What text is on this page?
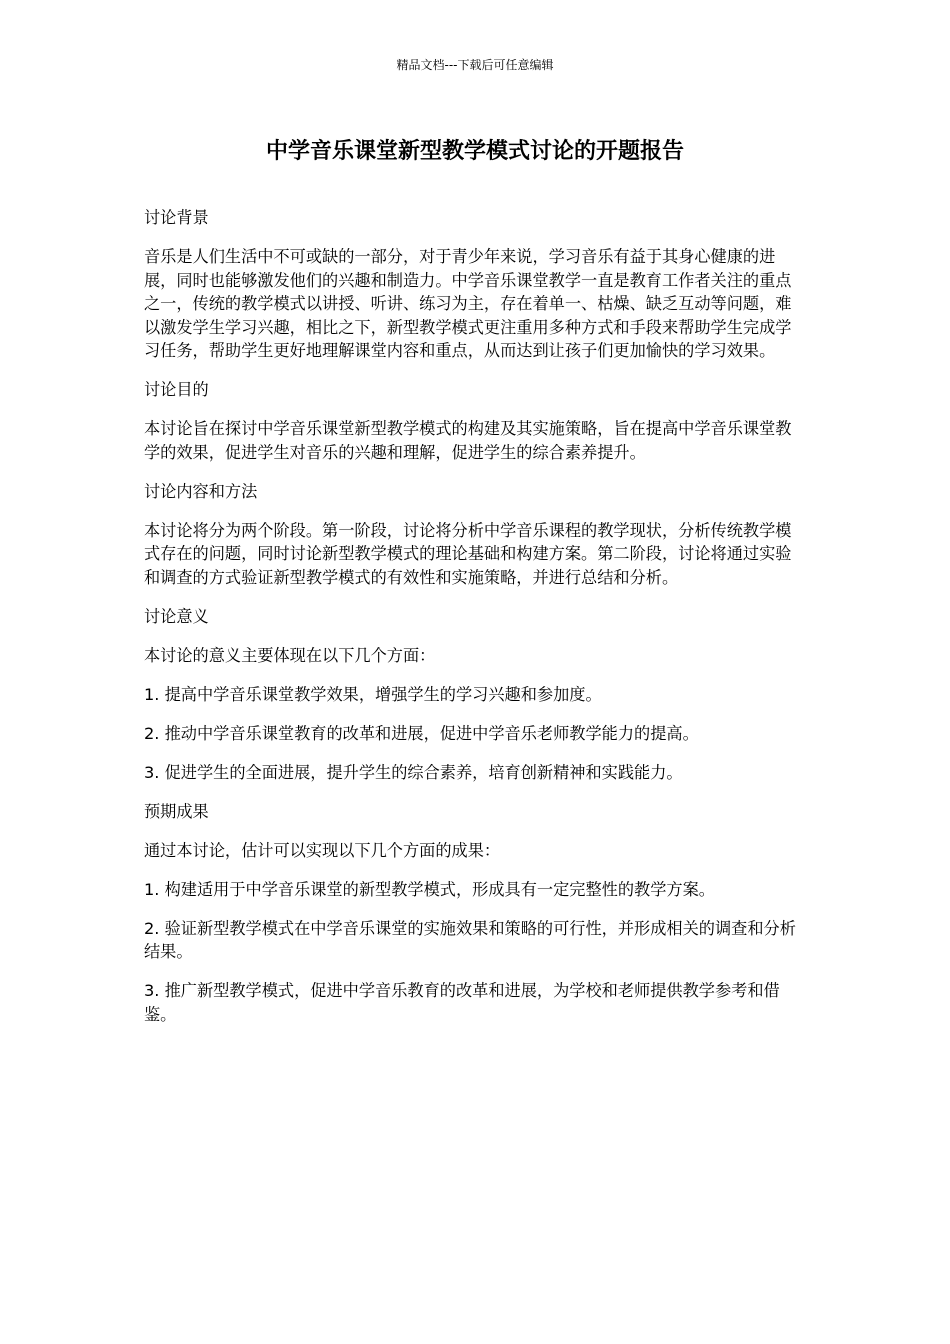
精品文档---下载后可任意编辑
中学音乐课堂新型教学模式讨论的开题报告

讨论背景

音乐是人们生活中不可或缺的一部分，对于青少年来说，学习音乐有益于其身心健康的进展，同时也能够激发他们的兴趣和制造力。中学音乐课堂教学一直是教育工作者关注的重点之一，传统的教学模式以讲授、听讲、练习为主，存在着单一、枯燥、缺乏互动等问题，难以激发学生学习兴趣，相比之下，新型教学模式更注重用多种方式和手段来帮助学生完成学习任务，帮助学生更好地理解课堂内容和重点，从而达到让孩子们更加愉快的学习效果。

讨论目的

本讨论旨在探讨中学音乐课堂新型教学模式的构建及其实施策略，旨在提高中学音乐课堂教学的效果，促进学生对音乐的兴趣和理解，促进学生的综合素养提升。

讨论内容和方法

本讨论将分为两个阶段。第一阶段，讨论将分析中学音乐课程的教学现状，分析传统教学模式存在的问题，同时讨论新型教学模式的理论基础和构建方案。第二阶段，讨论将通过实验和调查的方式验证新型教学模式的有效性和实施策略，并进行总结和分析。

讨论意义

本讨论的意义主要体现在以下几个方面：

1. 提高中学音乐课堂教学效果，增强学生的学习兴趣和参加度。

2. 推动中学音乐课堂教育的改革和进展，促进中学音乐老师教学能力的提高。

3. 促进学生的全面进展，提升学生的综合素养，培育创新精神和实践能力。

预期成果

通过本讨论，估计可以实现以下几个方面的成果：

1. 构建适用于中学音乐课堂的新型教学模式，形成具有一定完整性的教学方案。

2. 验证新型教学模式在中学音乐课堂的实施效果和策略的可行性，并形成相关的调查和分析结果。

3. 推广新型教学模式，促进中学音乐教育的改革和进展，为学校和老师提供教学参考和借鉴。
